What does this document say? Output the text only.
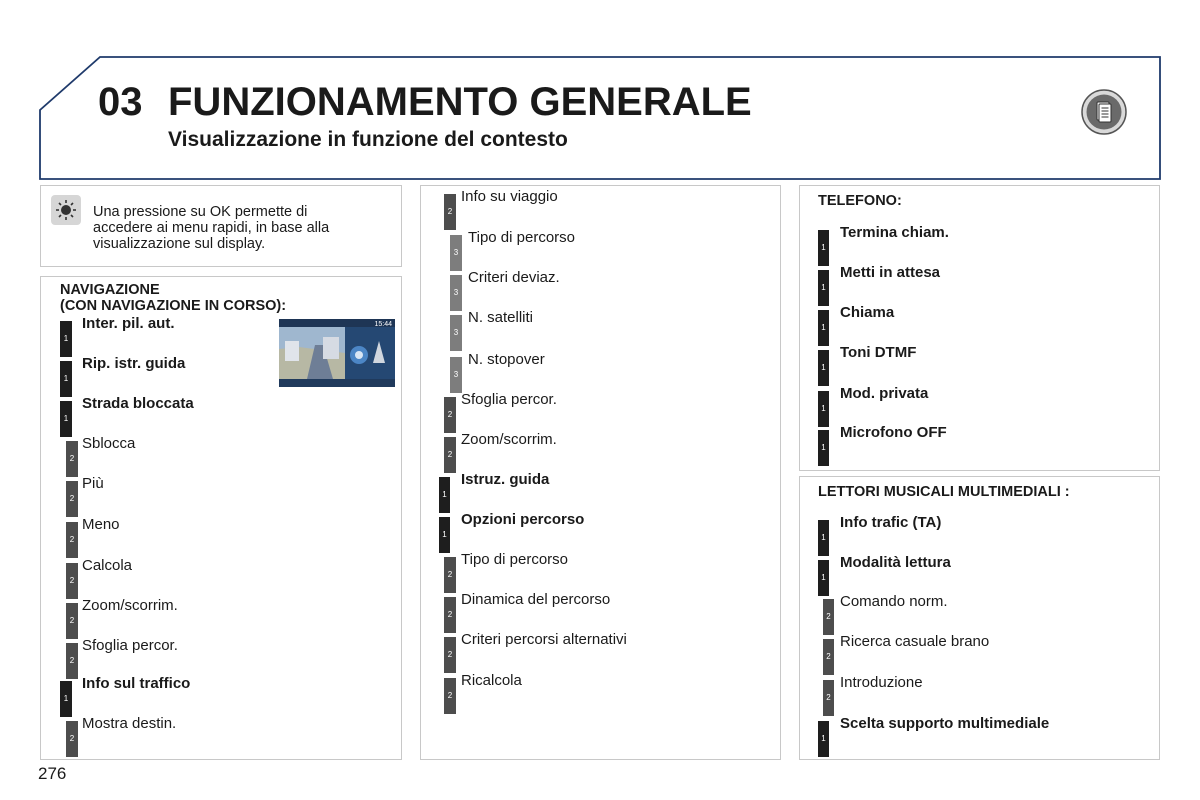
03 FUNZIONAMENTO GENERALE
Visualizzazione in funzione del contesto
Una pressione su OK permette di
accedere ai menu rapidi, in base alla
visualizzazione sul display.
NAVIGAZIONE
(CON NAVIGAZIONE IN CORSO):
15:44
1
Inter. pil. aut.
1
Rip. istr. guida
1
Strada bloccata
2
Sblocca
2
Più
2
Meno
2
Calcola
2
Zoom/scorrim.
2
Sfoglia percor.
1
Info sul traffico
2
Mostra destin.
2
Info su viaggio
3
Tipo di percorso
3
Criteri deviaz.
3
N. satelliti
3
N. stopover
2
Sfoglia percor.
2
Zoom/scorrim.
1
Istruz. guida
1
Opzioni percorso
2
Tipo di percorso
2
Dinamica del percorso
2
Criteri percorsi alternativi
2
Ricalcola
TELEFONO:
1
Termina chiam.
1
Metti in attesa
1
Chiama
1
Toni DTMF
1
Mod. privata
1
Microfono OFF
LETTORI MUSICALI MULTIMEDIALI :
1
Info trafic (TA)
1
Modalità lettura
2
Comando norm.
2
Ricerca casuale brano
2
Introduzione
1
Scelta supporto multimediale
276
